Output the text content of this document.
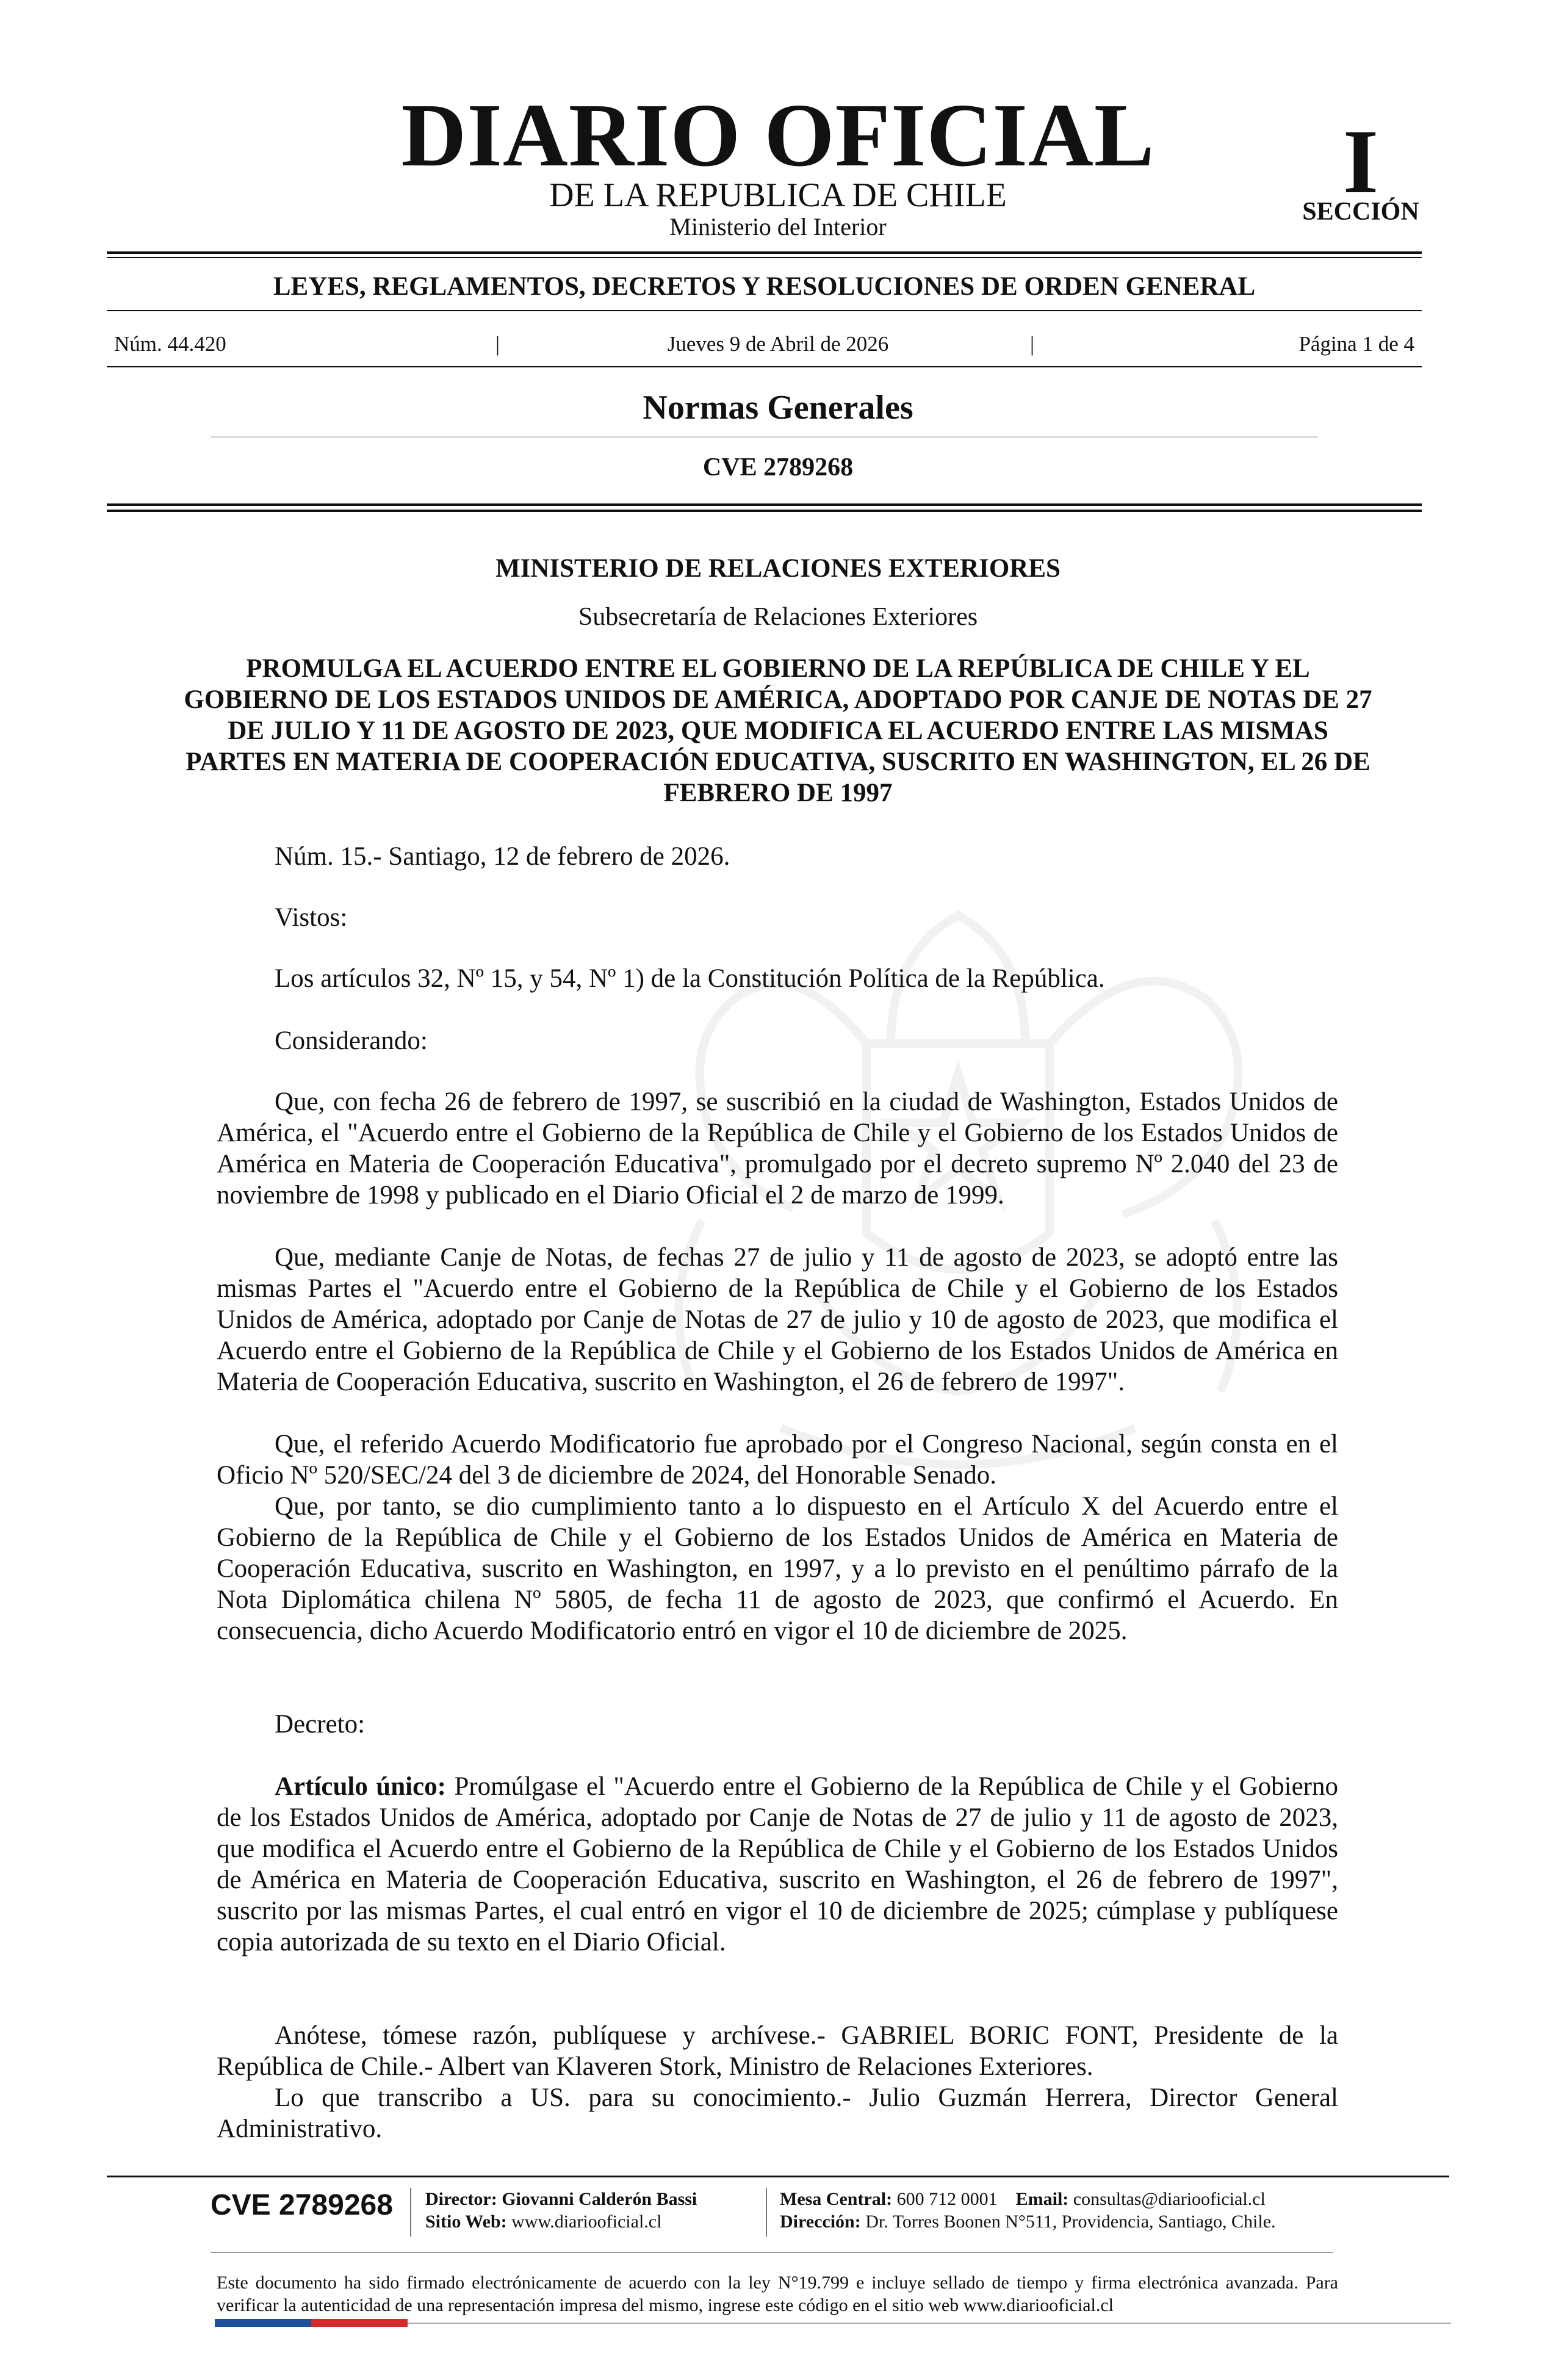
DIARIO OFICIAL
DE LA REPUBLICA DE CHILE
Ministerio del Interior
I
SECCIÓN
LEYES, REGLAMENTOS, DECRETOS Y RESOLUCIONES DE ORDEN GENERAL
Núm. 44.420	|	Jueves 9 de Abril de 2026	|	Página 1 de 4
Normas Generales
CVE 2789268
MINISTERIO DE RELACIONES EXTERIORES
Subsecretaría de Relaciones Exteriores
PROMULGA EL ACUERDO ENTRE EL GOBIERNO DE LA REPÚBLICA DE CHILE Y EL GOBIERNO DE LOS ESTADOS UNIDOS DE AMÉRICA, ADOPTADO POR CANJE DE NOTAS DE 27 DE JULIO Y 11 DE AGOSTO DE 2023, QUE MODIFICA EL ACUERDO ENTRE LAS MISMAS PARTES EN MATERIA DE COOPERACIÓN EDUCATIVA, SUSCRITO EN WASHINGTON, EL 26 DE FEBRERO DE 1997
Núm. 15.- Santiago, 12 de febrero de 2026.
Vistos:
Los artículos 32, Nº 15, y 54, Nº 1) de la Constitución Política de la República.
Considerando:
Que, con fecha 26 de febrero de 1997, se suscribió en la ciudad de Washington, Estados Unidos de América, el "Acuerdo entre el Gobierno de la República de Chile y el Gobierno de los Estados Unidos de América en Materia de Cooperación Educativa", promulgado por el decreto supremo Nº 2.040 del 23 de noviembre de 1998 y publicado en el Diario Oficial el 2 de marzo de 1999.
Que, mediante Canje de Notas, de fechas 27 de julio y 11 de agosto de 2023, se adoptó entre las mismas Partes el "Acuerdo entre el Gobierno de la República de Chile y el Gobierno de los Estados Unidos de América, adoptado por Canje de Notas de 27 de julio y 10 de agosto de 2023, que modifica el Acuerdo entre el Gobierno de la República de Chile y el Gobierno de los Estados Unidos de América en Materia de Cooperación Educativa, suscrito en Washington, el 26 de febrero de 1997".
Que, el referido Acuerdo Modificatorio fue aprobado por el Congreso Nacional, según consta en el Oficio Nº 520/SEC/24 del 3 de diciembre de 2024, del Honorable Senado.
Que, por tanto, se dio cumplimiento tanto a lo dispuesto en el Artículo X del Acuerdo entre el Gobierno de la República de Chile y el Gobierno de los Estados Unidos de América en Materia de Cooperación Educativa, suscrito en Washington, en 1997, y a lo previsto en el penúltimo párrafo de la Nota Diplomática chilena Nº 5805, de fecha 11 de agosto de 2023, que confirmó el Acuerdo. En consecuencia, dicho Acuerdo Modificatorio entró en vigor el 10 de diciembre de 2025.
Decreto:
Artículo único: Promúlgase el "Acuerdo entre el Gobierno de la República de Chile y el Gobierno de los Estados Unidos de América, adoptado por Canje de Notas de 27 de julio y 11 de agosto de 2023, que modifica el Acuerdo entre el Gobierno de la República de Chile y el Gobierno de los Estados Unidos de América en Materia de Cooperación Educativa, suscrito en Washington, el 26 de febrero de 1997", suscrito por las mismas Partes, el cual entró en vigor el 10 de diciembre de 2025; cúmplase y publíquese copia autorizada de su texto en el Diario Oficial.
Anótese, tómese razón, publíquese y archívese.- GABRIEL BORIC FONT, Presidente de la República de Chile.- Albert van Klaveren Stork, Ministro de Relaciones Exteriores.
Lo que transcribo a US. para su conocimiento.- Julio Guzmán Herrera, Director General Administrativo.
CVE 2789268 Director: Giovanni Calderón Bassi
Sitio Web: www.diariooficial.cl
Mesa Central: 600 712 0001 Email: consultas@diariooficial.cl
Dirección: Dr. Torres Boonen N°511, Providencia, Santiago, Chile.
Este documento ha sido firmado electrónicamente de acuerdo con la ley N°19.799 e incluye sellado de tiempo y firma electrónica avanzada. Para verificar la autenticidad de una representación impresa del mismo, ingrese este código en el sitio web www.diariooficial.cl
